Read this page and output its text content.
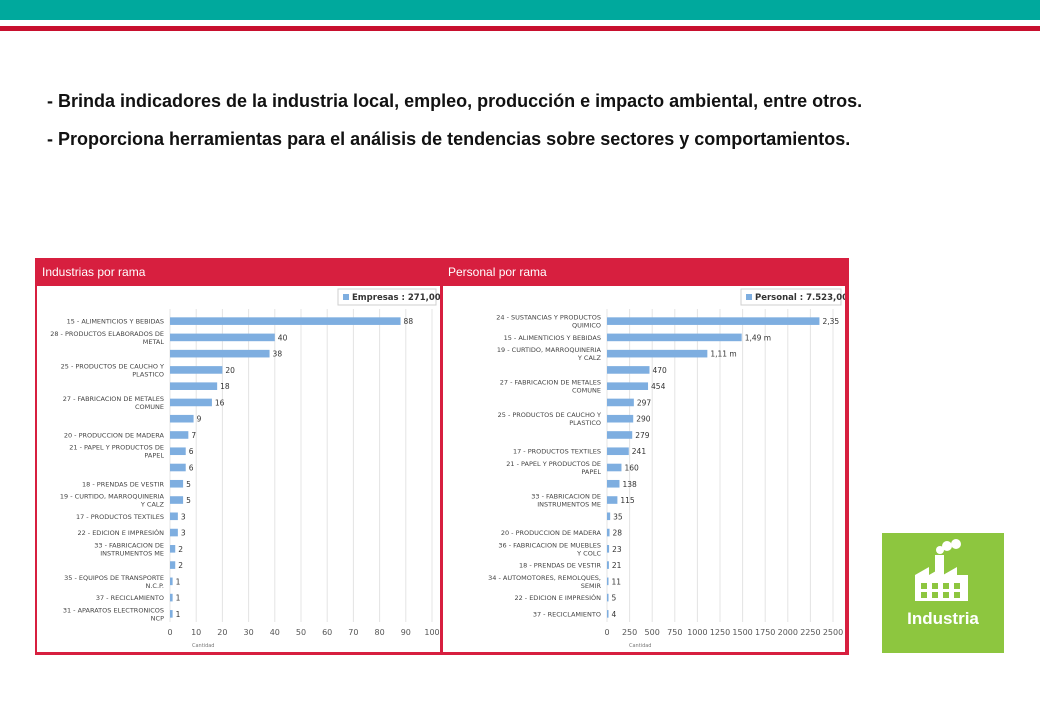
- Brinda indicadores de la industria local, empleo, producción e impacto ambiental, entre otros.

- Proporciona herramientas para el análisis de tendencias sobre sectores y comportamientos.

Industrias por rama	Personal por rama
0 10 20 30 40 50 60 70 80 90 100
Cantidad
Empresas : 271,00
88
15 - ALIMENTICIOS Y BEBIDAS
40
28 - PRODUCTOS ELABORADOS DE
METAL
38
20
25 - PRODUCTOS DE CAUCHO Y
PLASTICO
18
16
27 - FABRICACION DE METALES
COMUNE
9
7
20 - PRODUCCION DE MADERA
6
21 - PAPEL Y PRODUCTOS DE
PAPEL
6
5
18 - PRENDAS DE VESTIR
5
19 - CURTIDO, MARROQUINERIA
Y CALZ
3
17 - PRODUCTOS TEXTILES
3
22 - EDICION E IMPRESIÓN
2
33 - FABRICACION DE
INSTRUMENTOS ME
2
1
35 - EQUIPOS DE TRANSPORTE
N.C.P.
1
37 - RECICLAMIENTO
1
31 - APARATOS ELECTRONICOS
NCP
0 250 500 750 1000 1250 1500 1750 2000 2250 2500
Cantidad
Personal : 7.523,00
2,35
24 - SUSTANCIAS Y PRODUCTOS
QUIMICO
1,49 m
15 - ALIMENTICIOS Y BEBIDAS
1,11 m
19 - CURTIDO, MARROQUINERIA
Y CALZ
470
454
27 - FABRICACION DE METALES
COMUNE
297
290
25 - PRODUCTOS DE CAUCHO Y
PLASTICO
279
241
17 - PRODUCTOS TEXTILES
160
21 - PAPEL Y PRODUCTOS DE
PAPEL
138
115
33 - FABRICACION DE
INSTRUMENTOS ME
35
28
20 - PRODUCCION DE MADERA
23
36 - FABRICACION DE MUEBLES
Y COLC
21
18 - PRENDAS DE VESTIR
11
34 - AUTOMOTORES, REMOLQUES,
SEMIR
5
22 - EDICION E IMPRESIÓN
4
37 - RECICLAMIENTO	Industria
